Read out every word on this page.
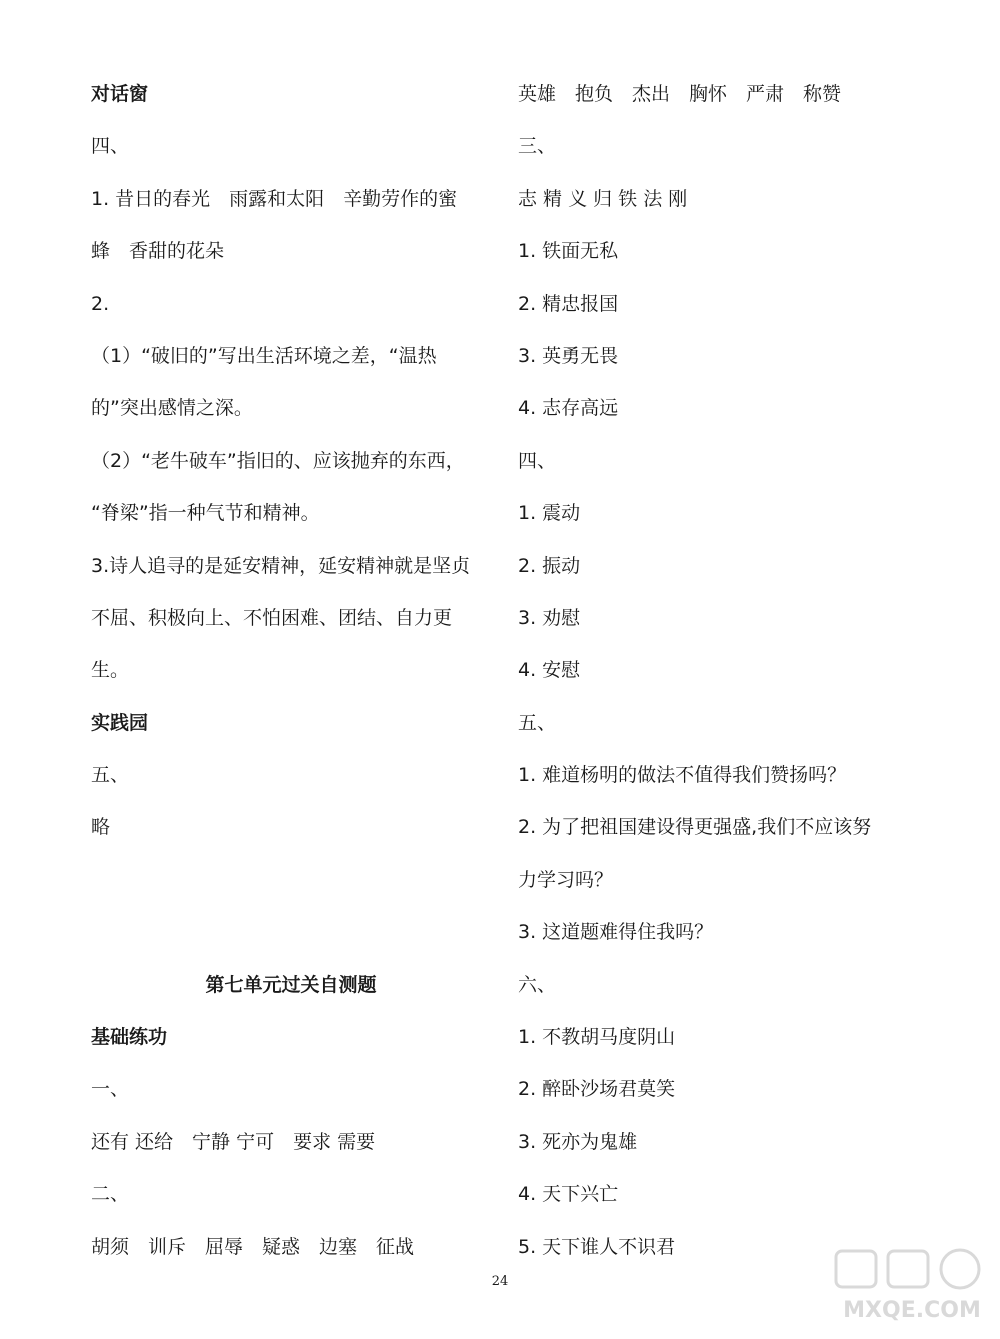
对话窗
四、
1. 昔日的春光　雨露和太阳　辛勤劳作的蜜
蜂　香甜的花朵
2.
（1）“破旧的”写出生活环境之差，“温热
的”突出感情之深。
（2）“老牛破车”指旧的、应该抛弃的东西，
“脊梁”指一种气节和精神。
3.诗人追寻的是延安精神，延安精神就是坚贞
不屈、积极向上、不怕困难、团结、自力更
生。
实践园
五、
略
第七单元过关自测题
基础练功
一、
还有 还给　宁静 宁可　要求 需要
二、
胡须　训斥　屈辱　疑惑　边塞　征战
英雄　抱负　杰出　胸怀　严肃　称赞
三、
志 精 义 归 铁 法 刚
1. 铁面无私
2. 精忠报国
3. 英勇无畏
4. 志存高远
四、
1. 震动
2. 振动
3. 劝慰
4. 安慰
五、
1. 难道杨明的做法不值得我们赞扬吗？
2. 为了把祖国建设得更强盛,我们不应该努
力学习吗？
3. 这道题难得住我吗？
六、
1. 不教胡马度阴山
2. 醉卧沙场君莫笑
3. 死亦为鬼雄
4. 天下兴亡
5. 天下谁人不识君
24
MXQE.COM
